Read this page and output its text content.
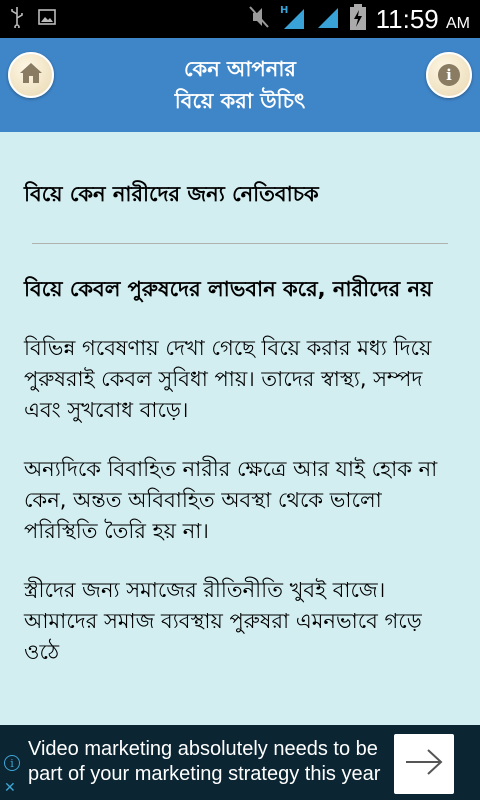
H	11:59 AM
কেন আপনার
বিয়ে করা উচিৎ
i
বিয়ে কেন নারীদের জন্য নেতিবাচক
বিয়ে কেবল পুরুষদের লাভবান করে, নারীদের নয়
বিভিন্ন গবেষণায় দেখা গেছে বিয়ে করার মধ্য দিয়ে পুরুষরাই কেবল সুবিধা পায়। তাদের স্বাস্থ্য, সম্পদ এবং সুখবোধ বাড়ে।
অন্যদিকে বিবাহিত নারীর ক্ষেত্রে আর যাই হোক না কেন, অন্তত অবিবাহিত অবস্থা থেকে ভালো পরিস্থিতি তৈরি হয় না।
স্ত্রীদের জন্য সমাজের রীতিনীতি খুবই বাজে। আমাদের সমাজ ব্যবস্থায় পুরুষরা এমনভাবে গড়ে ওঠে
i
✕
Video marketing absolutely needs to be part of your marketing strategy this year
